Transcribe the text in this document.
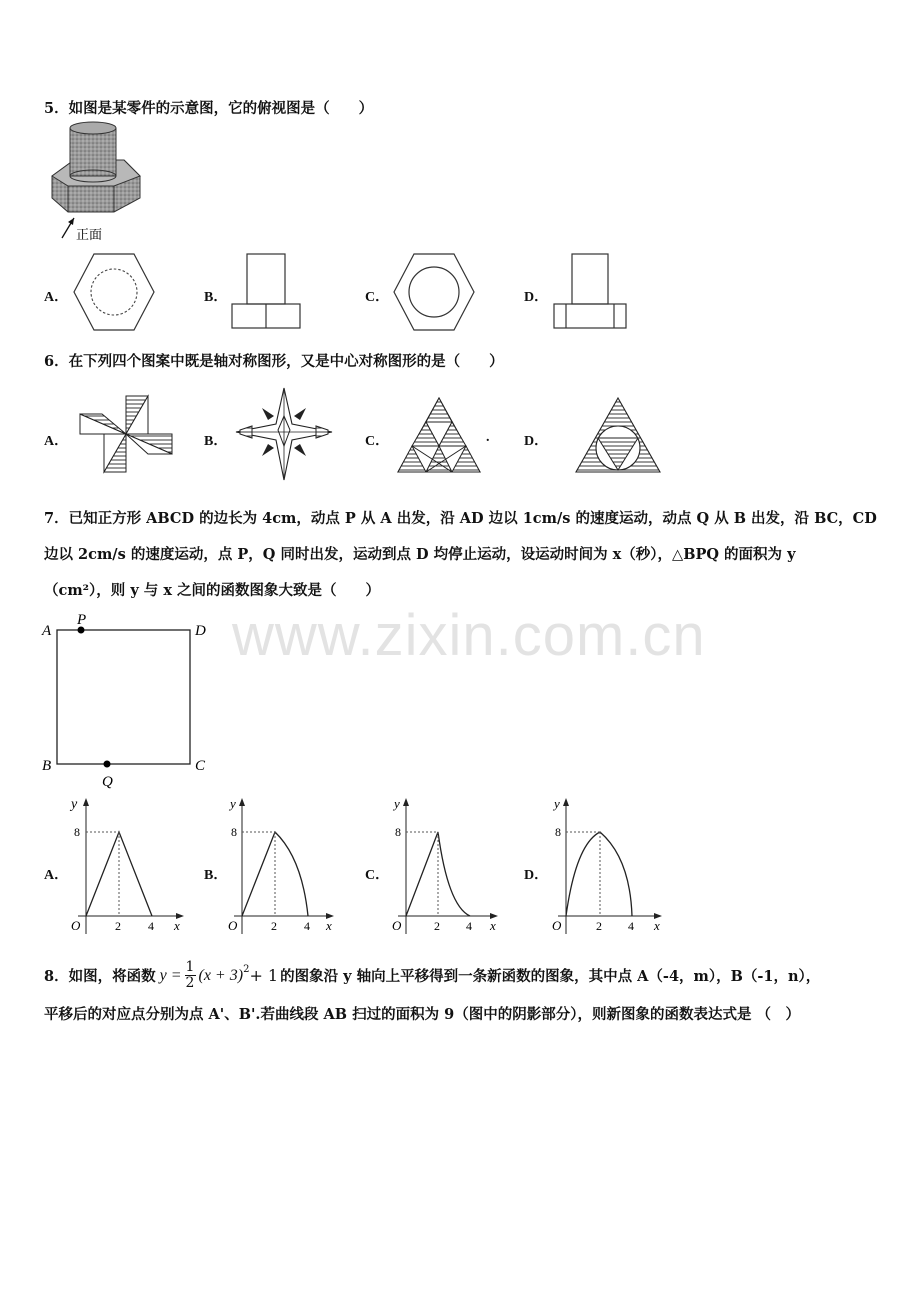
www.zixin.com.cn
5．如图是某零件的示意图，它的俯视图是（　　）
正面
A．	B．	C．	D．
6．在下列四个图案中既是轴对称图形，又是中心对称图形的是（　　）
A．	B．	C．	. D．
7．已知正方形 ABCD 的边长为 4cm，动点 P 从 A 出发，沿 AD 边以 1cm/s 的速度运动，动点 Q 从 B 出发，沿 BC，CD
边以 2cm/s 的速度运动，点 P，Q 同时出发，运动到点 D 均停止运动，设运动时间为 x（秒），△BPQ 的面积为 y
（cm²），则 y 与 x 之间的函数图象大致是（　　）
A
P
D
B
Q
C
A．	B．	C．	D．
y
x
O
8
2 4
y
x
O
8
2 4
y
x
O
8
2 4
y
x
O
8
2 4
8．如图，将函数 $y = \frac{1}{2} (x + 3)^2 + 1$ 的图象沿 y 轴向上平移得到一条新函数的图象，其中点 A（-4，m），B（-1，n），
平移后的对应点分别为点 A'、B'.若曲线段 AB 扫过的面积为 9（图中的阴影部分），则新图象的函数表达式是 （　）
